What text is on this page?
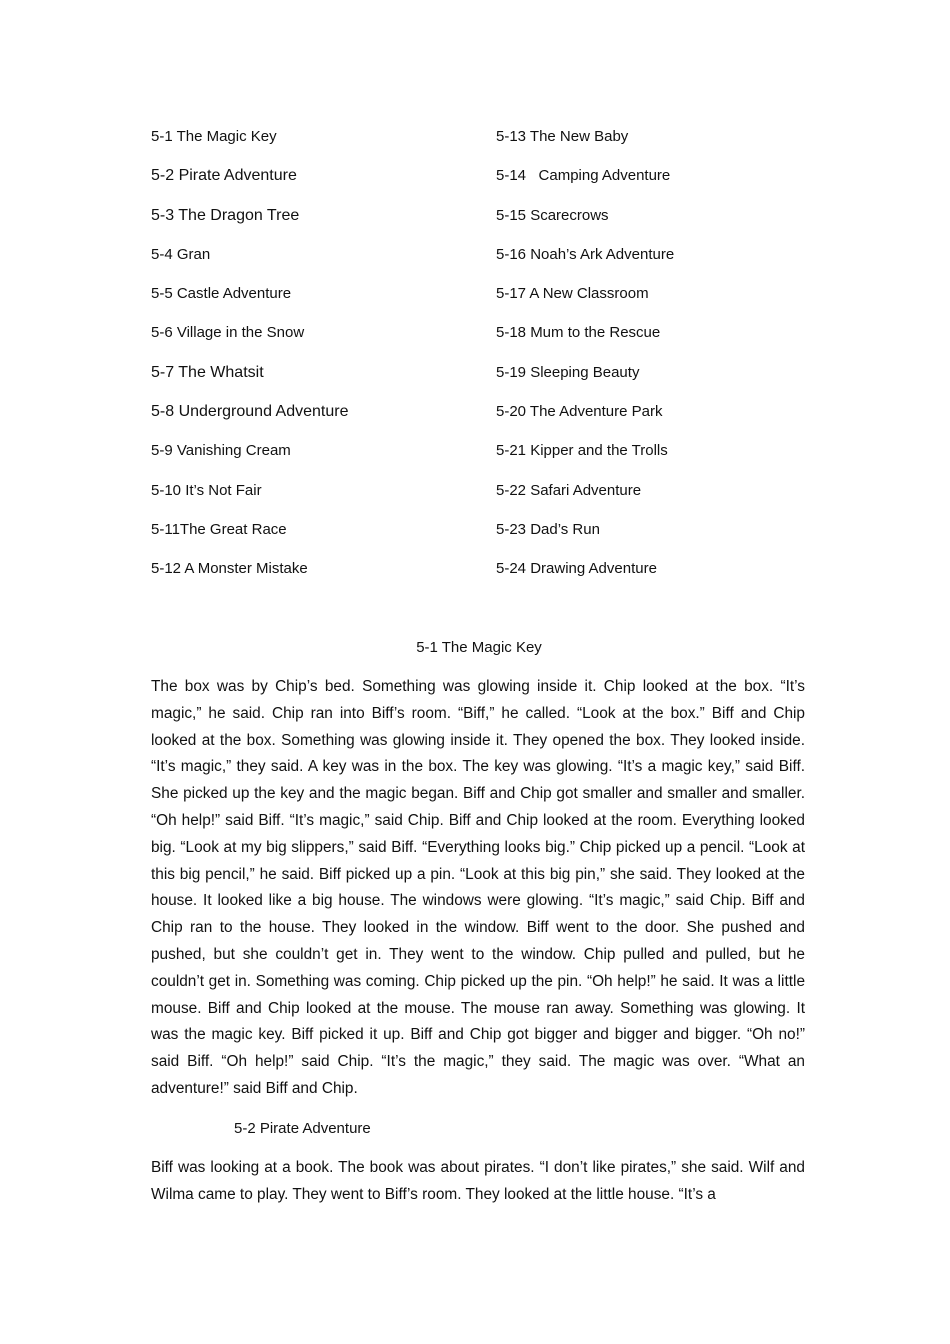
5-1 The Magic Key
5-2 Pirate Adventure
5-3 The Dragon Tree
5-4 Gran
5-5 Castle Adventure
5-6 Village in the Snow
5-7 The Whatsit
5-8 Underground Adventure
5-9 Vanishing Cream
5-10 It’s Not Fair
5-11The Great Race
5-12 A Monster Mistake
5-13 The New Baby
5-14   Camping Adventure
5-15 Scarecrows
5-16 Noah’s Ark Adventure
5-17 A New Classroom
5-18 Mum to the Rescue
5-19 Sleeping Beauty
5-20 The Adventure Park
5-21 Kipper and the Trolls
5-22 Safari Adventure
5-23 Dad’s Run
5-24 Drawing Adventure
5-1 The Magic Key

The box was by Chip’s bed. Something was glowing inside it. Chip looked at the box. “It’s magic,” he said. Chip ran into Biff’s room. “Biff,” he called. “Look at the box.” Biff and Chip looked at the box. Something was glowing inside it. They opened the box. They looked inside. “It’s magic,” they said. A key was in the box. The key was glowing. “It’s a magic key,” said Biff. She picked up the key and the magic began. Biff and Chip got smaller and smaller and smaller. “Oh help!” said Biff. “It’s magic,” said Chip. Biff and Chip looked at the room. Everything looked big. “Look at my big slippers,” said Biff. “Everything looks big.” Chip picked up a pencil. “Look at this big pencil,” he said. Biff picked up a pin. “Look at this big pin,” she said. They looked at the house. It looked like a big house. The windows were glowing. “It’s magic,” said Chip. Biff and Chip ran to the house. They looked in the window. Biff went to the door. She pushed and pushed, but she couldn’t get in. They went to the window. Chip pulled and pulled, but he couldn’t get in. Something was coming. Chip picked up the pin. “Oh help!” he said. It was a little mouse. Biff and Chip looked at the mouse. The mouse ran away. Something was glowing. It was the magic key. Biff picked it up. Biff and Chip got bigger and bigger and bigger. “Oh no!” said Biff. “Oh help!” said Chip. “It’s the magic,” they said. The magic was over. “What an adventure!” said Biff and Chip.

5-2 Pirate Adventure

Biff was looking at a book. The book was about pirates. “I don’t like pirates,” she said. Wilf and Wilma came to play. They went to Biff’s room. They looked at the little house. “It’s a
